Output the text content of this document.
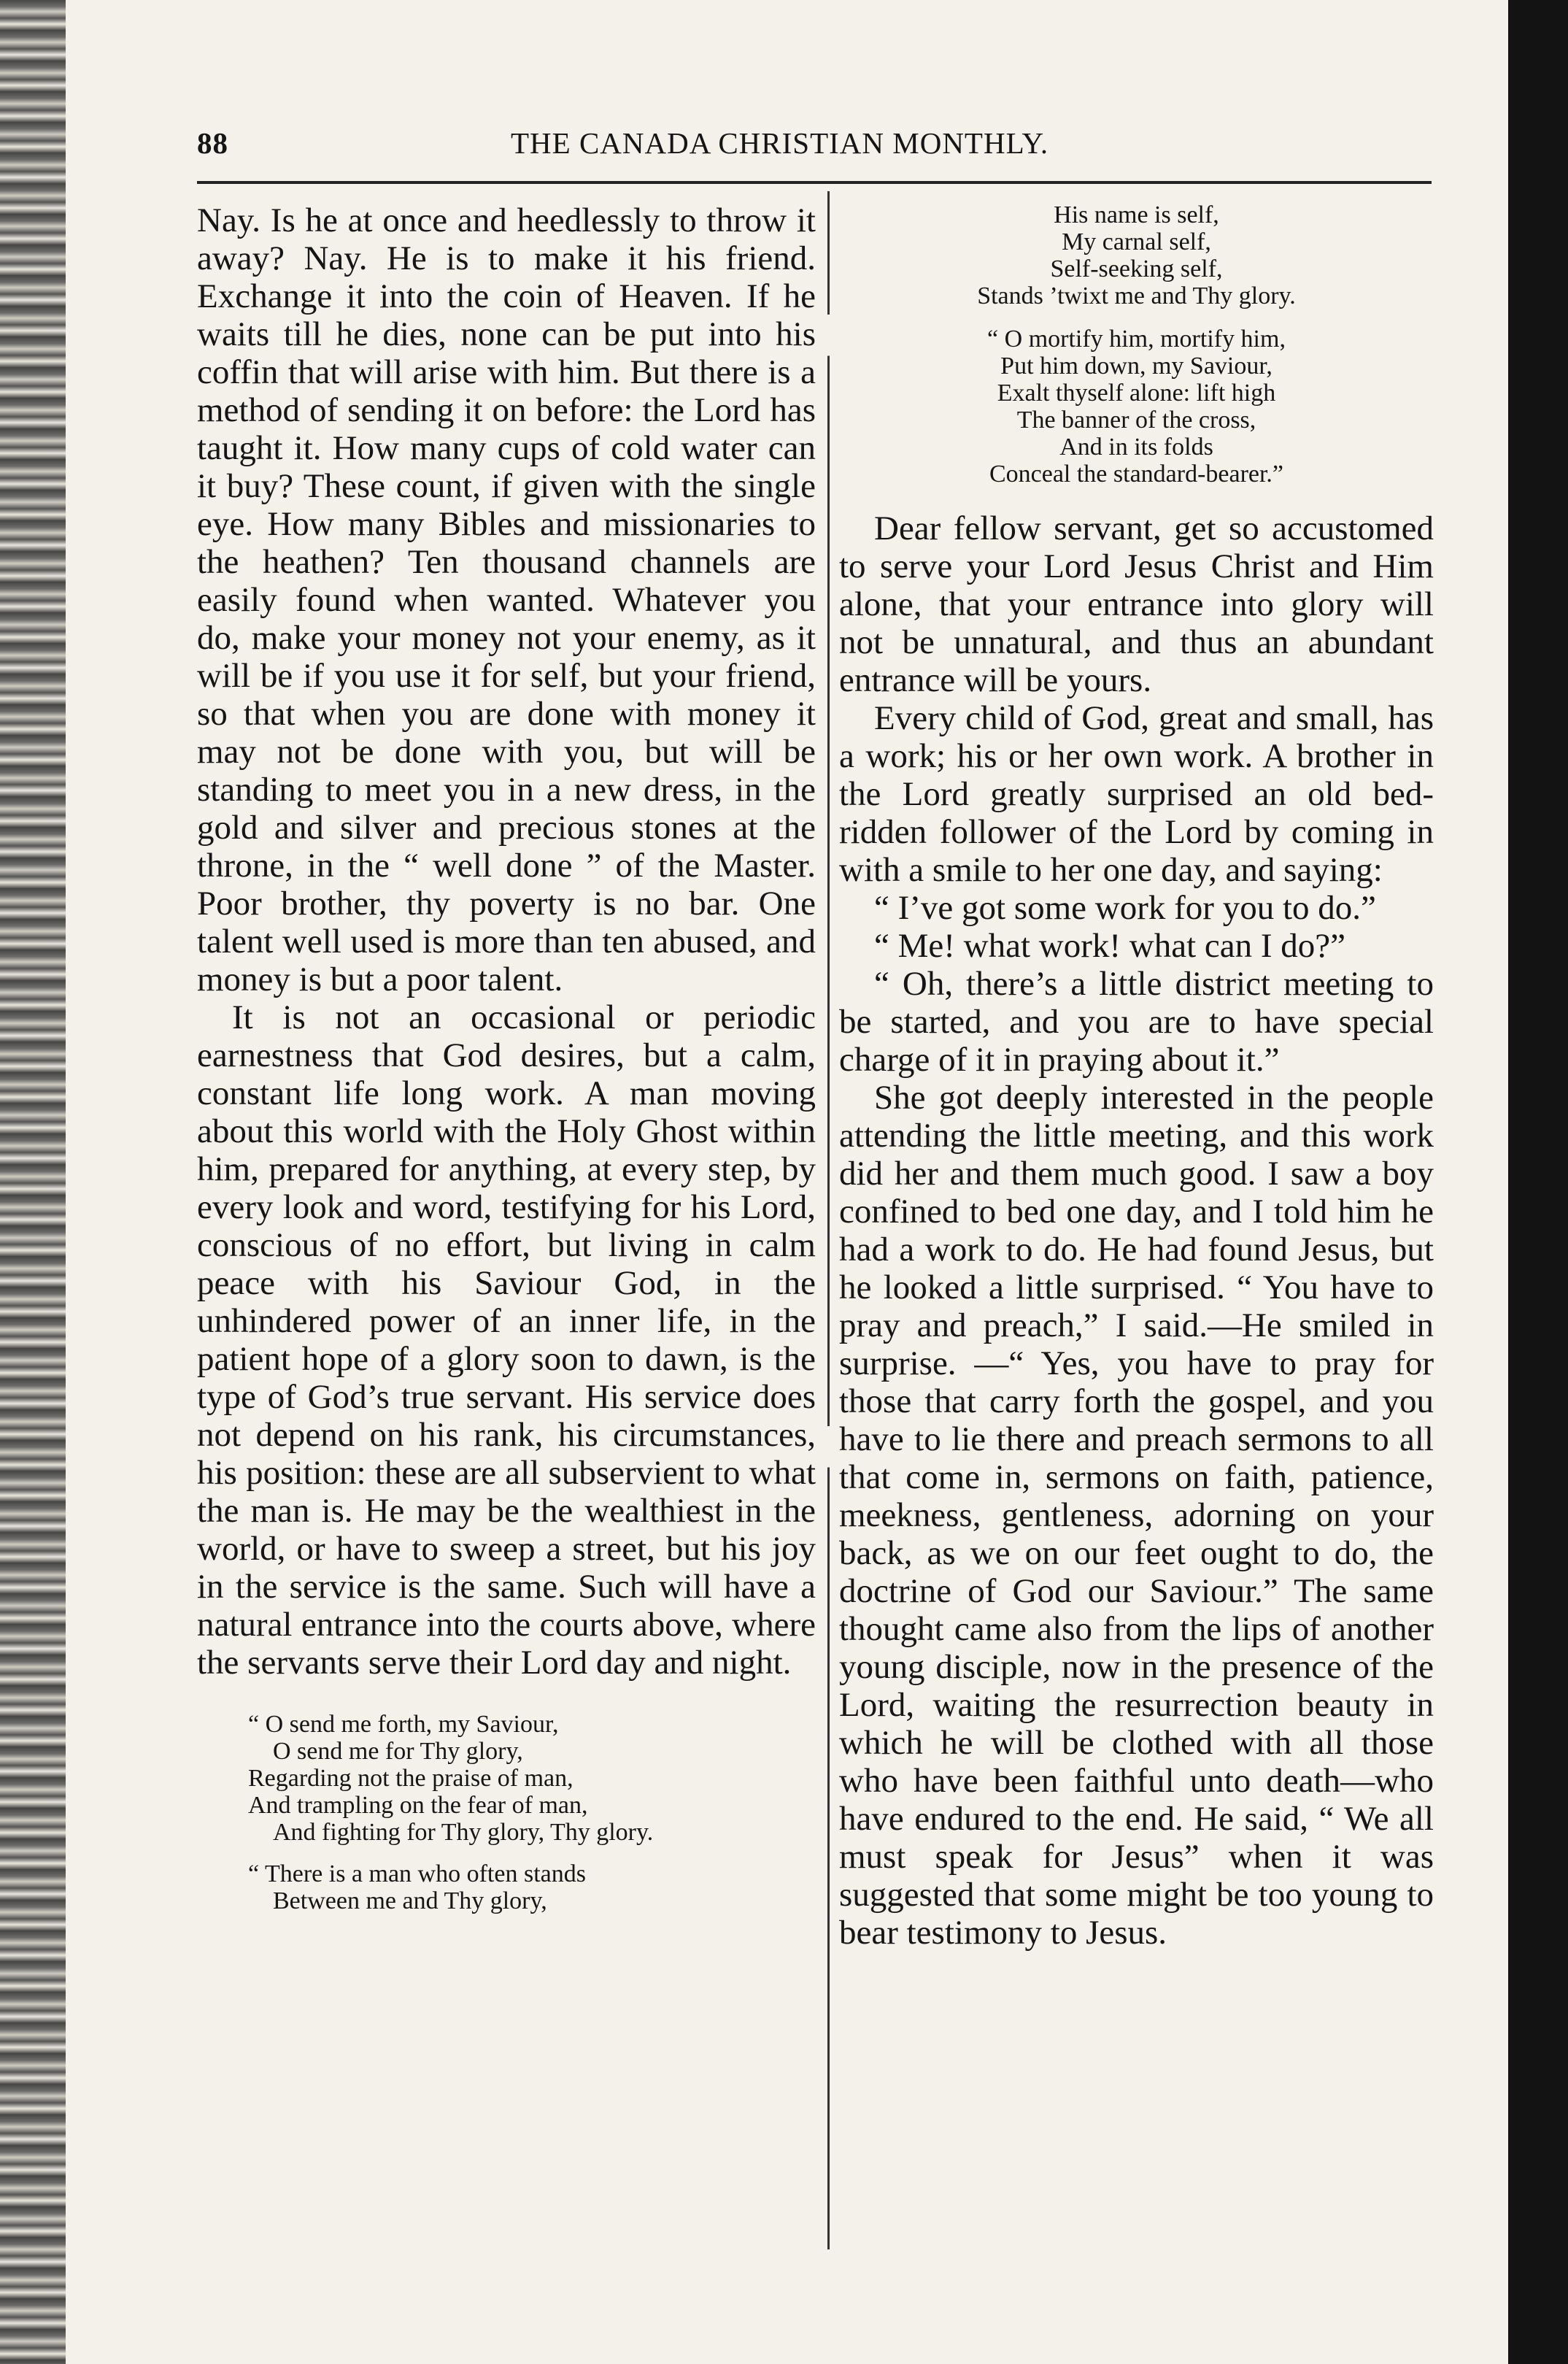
88	THE CANADA CHRISTIAN MONTHLY.

Nay. Is he at once and heedlessly to throw it away? Nay. He is to make it his friend. Exchange it into the coin of Heaven. If he waits till he dies, none can be put into his coffin that will arise with him. But there is a method of sending it on before: the Lord has taught it. How many cups of cold water can it buy? These count, if given with the single eye. How many Bibles and missionaries to the heathen? Ten thousand channels are easily found when wanted. Whatever you do, make your money not your enemy, as it will be if you use it for self, but your friend, so that when you are done with money it may not be done with you, but will be standing to meet you in a new dress, in the gold and silver and precious stones at the throne, in the “ well done ” of the Master. Poor brother, thy poverty is no bar. One talent well used is more than ten abused, and money is but a poor talent.

It is not an occasional or periodic earnestness that God desires, but a calm, constant life long work. A man moving about this world with the Holy Ghost within him, prepared for anything, at every step, by every look and word, testifying for his Lord, conscious of no effort, but living in calm peace with his Saviour God, in the unhindered power of an inner life, in the patient hope of a glory soon to dawn, is the type of God’s true servant. His service does not depend on his rank, his circumstances, his position: these are all subservient to what the man is. He may be the wealthiest in the world, or have to sweep a street, but his joy in the service is the same. Such will have a natural entrance into the courts above, where the servants serve their Lord day and night.

“ O send me forth, my Saviour,
O send me for Thy glory,
Regarding not the praise of man,
And trampling on the fear of man,
And fighting for Thy glory, Thy glory.
“ There is a man who often stands
Between me and Thy glory,
His name is self,
My carnal self,
Self-seeking self,
Stands ’twixt me and Thy glory.
“ O mortify him, mortify him,
Put him down, my Saviour,
Exalt thyself alone: lift high
The banner of the cross,
And in its folds
Conceal the standard-bearer.”

Dear fellow servant, get so accustomed to serve your Lord Jesus Christ and Him alone, that your entrance into glory will not be unnatural, and thus an abundant entrance will be yours.

Every child of God, great and small, has a work; his or her own work. A brother in the Lord greatly surprised an old bed-ridden follower of the Lord by coming in with a smile to her one day, and saying:

“ I’ve got some work for you to do.”

“ Me! what work! what can I do?”

“ Oh, there’s a little district meeting to be started, and you are to have special charge of it in praying about it.”

She got deeply interested in the people attending the little meeting, and this work did her and them much good. I saw a boy confined to bed one day, and I told him he had a work to do. He had found Jesus, but he looked a little surprised. “ You have to pray and preach,” I said.—He smiled in surprise. —“ Yes, you have to pray for those that carry forth the gospel, and you have to lie there and preach sermons to all that come in, sermons on faith, patience, meekness, gentleness, adorning on your back, as we on our feet ought to do, the doctrine of God our Saviour.” The same thought came also from the lips of another young disciple, now in the presence of the Lord, waiting the resurrection beauty in which he will be clothed with all those who have been faithful unto death—who have endured to the end. He said, “ We all must speak for Jesus” when it was suggested that some might be too young to bear testimony to Jesus.
